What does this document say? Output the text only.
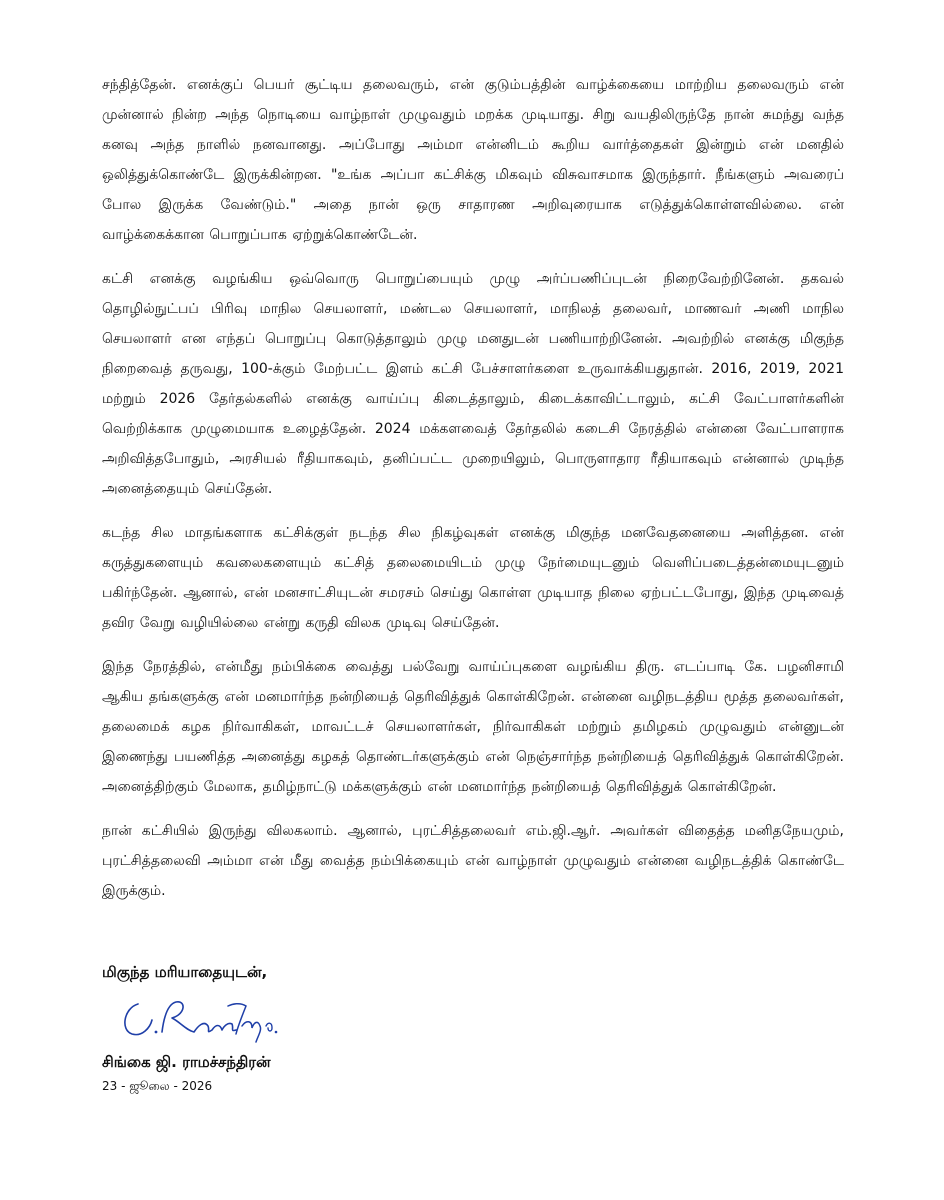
சந்தித்தேன். எனக்குப் பெயர் சூட்டிய தலைவரும், என் குடும்பத்தின் வாழ்க்கையை மாற்றிய தலைவரும் என் முன்னால் நின்ற அந்த நொடியை வாழ்நாள் முழுவதும் மறக்க முடியாது. சிறு வயதிலிருந்தே நான் சுமந்து வந்த கனவு அந்த நாளில் நனவானது. அப்போது அம்மா என்னிடம் கூறிய வார்த்தைகள் இன்றும் என் மனதில் ஒலித்துக்கொண்டே இருக்கின்றன. "உங்க அப்பா கட்சிக்கு மிகவும் விசுவாசமாக இருந்தார். நீங்களும் அவரைப் போல இருக்க வேண்டும்." அதை நான் ஒரு சாதாரண அறிவுரையாக எடுத்துக்கொள்ளவில்லை. என் வாழ்க்கைக்கான பொறுப்பாக ஏற்றுக்கொண்டேன்.

கட்சி எனக்கு வழங்கிய ஒவ்வொரு பொறுப்பையும் முழு அர்ப்பணிப்புடன் நிறைவேற்றினேன். தகவல் தொழில்நுட்பப் பிரிவு மாநில செயலாளர், மண்டல செயலாளர், மாநிலத் தலைவர், மாணவர் அணி மாநில செயலாளர் என எந்தப் பொறுப்பு கொடுத்தாலும் முழு மனதுடன் பணியாற்றினேன். அவற்றில் எனக்கு மிகுந்த நிறைவைத் தருவது, 100-க்கும் மேற்பட்ட இளம் கட்சி பேச்சாளர்களை உருவாக்கியதுதான். 2016, 2019, 2021 மற்றும் 2026 தேர்தல்களில் எனக்கு வாய்ப்பு கிடைத்தாலும், கிடைக்காவிட்டாலும், கட்சி வேட்பாளர்களின் வெற்றிக்காக முழுமையாக உழைத்தேன். 2024 மக்களவைத் தேர்தலில் கடைசி நேரத்தில் என்னை வேட்பாளராக அறிவித்தபோதும், அரசியல் ரீதியாகவும், தனிப்பட்ட முறையிலும், பொருளாதார ரீதியாகவும் என்னால் முடிந்த அனைத்தையும் செய்தேன்.

கடந்த சில மாதங்களாக கட்சிக்குள் நடந்த சில நிகழ்வுகள் எனக்கு மிகுந்த மனவேதனையை அளித்தன. என் கருத்துகளையும் கவலைகளையும் கட்சித் தலைமையிடம் முழு நேர்மையுடனும் வெளிப்படைத்தன்மையுடனும் பகிர்ந்தேன். ஆனால், என் மனசாட்சியுடன் சமரசம் செய்து கொள்ள முடியாத நிலை ஏற்பட்டபோது, இந்த முடிவைத் தவிர வேறு வழியில்லை என்று கருதி விலக முடிவு செய்தேன்.

இந்த நேரத்தில், என்மீது நம்பிக்கை வைத்து பல்வேறு வாய்ப்புகளை வழங்கிய திரு. எடப்பாடி கே. பழனிசாமி ஆகிய தங்களுக்கு என் மனமார்ந்த நன்றியைத் தெரிவித்துக் கொள்கிறேன். என்னை வழிநடத்திய மூத்த தலைவர்கள், தலைமைக் கழக நிர்வாகிகள், மாவட்டச் செயலாளர்கள், நிர்வாகிகள் மற்றும் தமிழகம் முழுவதும் என்னுடன் இணைந்து பயணித்த அனைத்து கழகத் தொண்டர்களுக்கும் என் நெஞ்சார்ந்த நன்றியைத் தெரிவித்துக் கொள்கிறேன். அனைத்திற்கும் மேலாக, தமிழ்நாட்டு மக்களுக்கும் என் மனமார்ந்த நன்றியைத் தெரிவித்துக் கொள்கிறேன்.

நான் கட்சியில் இருந்து விலகலாம். ஆனால், புரட்சித்தலைவர் எம்.ஜி.ஆர். அவர்கள் விதைத்த மனிதநேயமும், புரட்சித்தலைவி அம்மா என் மீது வைத்த நம்பிக்கையும் என் வாழ்நாள் முழுவதும் என்னை வழிநடத்திக் கொண்டே இருக்கும்.

மிகுந்த மரியாதையுடன்,

சிங்கை ஜி. ராமச்சந்திரன்

23 - ஜூலை - 2026
